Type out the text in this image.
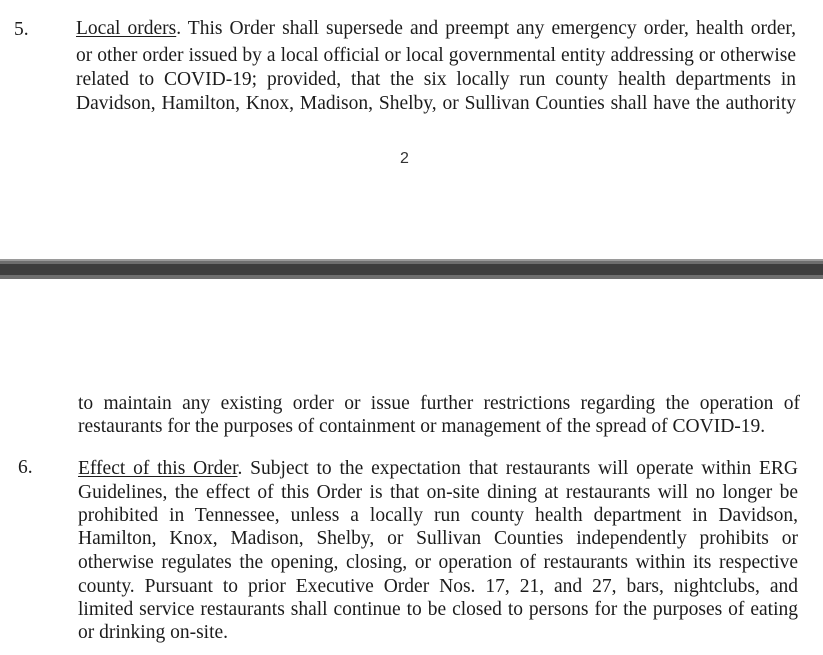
5. Local orders. This Order shall supersede and preempt any emergency order, health order,
or other order issued by a local official or local governmental entity addressing or otherwise
related to COVID-19; provided, that the six locally run county health departments in
Davidson, Hamilton, Knox, Madison, Shelby, or Sullivan Counties shall have the authority
2
to maintain any existing order or issue further restrictions regarding the operation of
restaurants for the purposes of containment or management of the spread of COVID-19.
6. Effect of this Order. Subject to the expectation that restaurants will operate within ERG
Guidelines, the effect of this Order is that on-site dining at restaurants will no longer be
prohibited in Tennessee, unless a locally run county health department in Davidson,
Hamilton, Knox, Madison, Shelby, or Sullivan Counties independently prohibits or
otherwise regulates the opening, closing, or operation of restaurants within its respective
county. Pursuant to prior Executive Order Nos. 17, 21, and 27, bars, nightclubs, and
limited service restaurants shall continue to be closed to persons for the purposes of eating
or drinking on-site.
